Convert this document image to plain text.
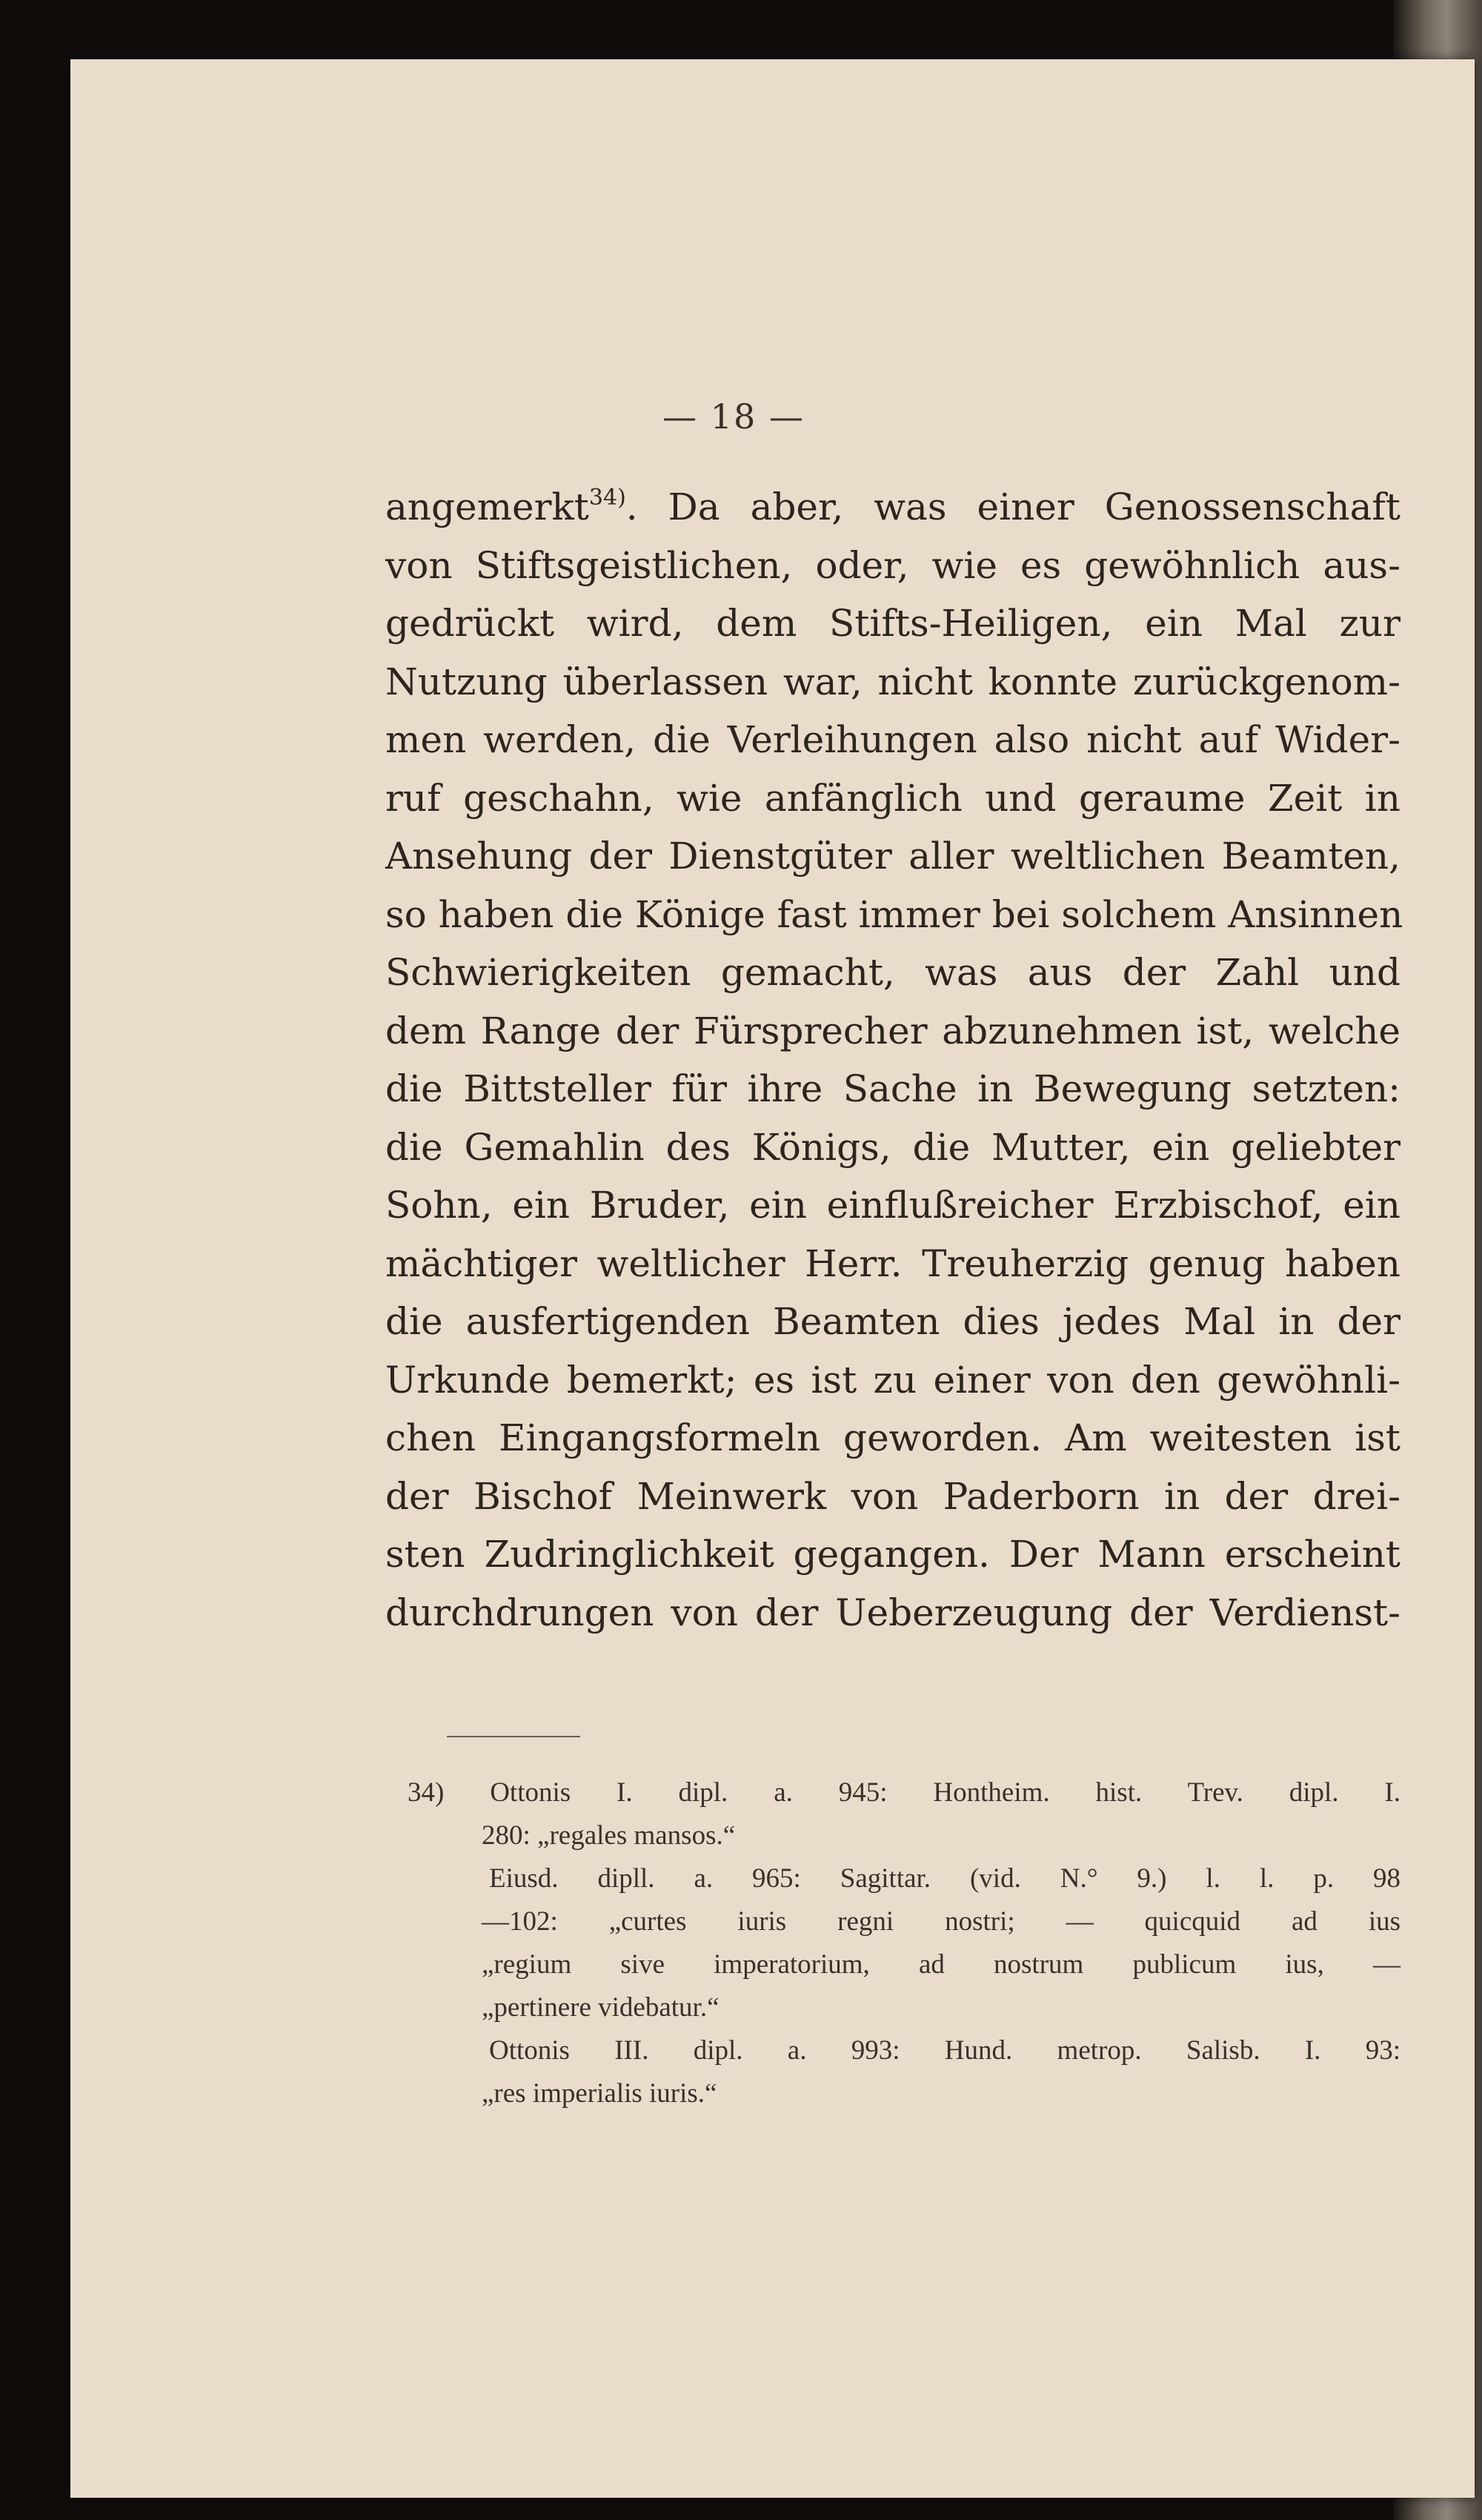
— 18 —
angemerkt$^{34)}$. Da aber, was einer Genossenschaft
von Stiftsgeistlichen, oder, wie es gewöhnlich aus-
gedrückt wird, dem Stifts-Heiligen, ein Mal zur
Nutzung überlassen war, nicht konnte zurückgenom-
men werden, die Verleihungen also nicht auf Wider-
ruf geschahn, wie anfänglich und geraume Zeit in
Ansehung der Dienstgüter aller weltlichen Beamten,
so haben die Könige fast immer bei solchem Ansinnen
Schwierigkeiten gemacht, was aus der Zahl und
dem Range der Fürsprecher abzunehmen ist, welche
die Bittsteller für ihre Sache in Bewegung setzten:
die Gemahlin des Königs, die Mutter, ein geliebter
Sohn, ein Bruder, ein einflußreicher Erzbischof, ein
mächtiger weltlicher Herr. Treuherzig genug haben
die ausfertigenden Beamten dies jedes Mal in der
Urkunde bemerkt; es ist zu einer von den gewöhnli-
chen Eingangsformeln geworden. Am weitesten ist
der Bischof Meinwerk von Paderborn in der drei-
sten Zudringlichkeit gegangen. Der Mann erscheint
durchdrungen von der Ueberzeugung der Verdienst-
34) Ottonis I. dipl. a. 945: Hontheim. hist. Trev. dipl. I.
280: „regales mansos.“
Eiusd. dipll. a. 965: Sagittar. (vid. N.° 9.) l. l. p. 98
—102: „curtes iuris regni nostri; — quicquid ad ius
„regium sive imperatorium, ad nostrum publicum ius, —
„pertinere videbatur.“
Ottonis III. dipl. a. 993: Hund. metrop. Salisb. I. 93:
„res imperialis iuris.“
